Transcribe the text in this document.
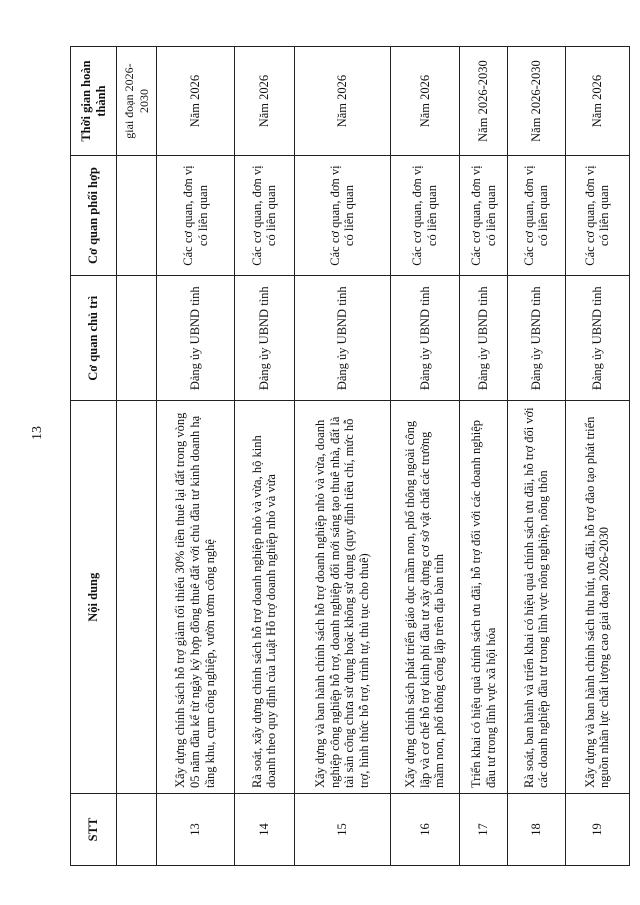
13
STT	Nội dung	Cơ quan chủ trì	Cơ quan phối hợp	Thời gian hoàn thành
				giai đoạn 2026-2030
13	Xây dựng chính sách hỗ trợ giảm tối thiểu 30% tiền thuê lại đất trong vòng 05 năm đầu kể từ ngày ký hợp đồng thuê đất với chủ đầu tư kinh doanh hạ tầng khu, cụm công nghiệp, vườn ươm công nghệ	Đảng ủy UBND tỉnh	Các cơ quan, đơn vị có liên quan	Năm 2026
14	Rà soát, xây dựng chính sách hỗ trợ doanh nghiệp nhỏ và vừa, hộ kinh doanh theo quy định của Luật Hỗ trợ doanh nghiệp nhỏ và vừa	Đảng ủy UBND tỉnh	Các cơ quan, đơn vị có liên quan	Năm 2026
15	Xây dựng và ban hành chính sách hỗ trợ doanh nghiệp nhỏ và vừa, doanh nghiệp công nghiệp hỗ trợ, doanh nghiệp đổi mới sáng tạo thuê nhà, đất là tài sản công chưa sử dụng hoặc không sử dụng (quy định tiêu chí, mức hỗ trợ, hình thức hỗ trợ, trình tự, thủ tục cho thuê)	Đảng ủy UBND tỉnh	Các cơ quan, đơn vị có liên quan	Năm 2026
16	Xây dựng chính sách phát triển giáo dục mầm non, phổ thông ngoài công lập và cơ chế hỗ trợ kinh phí đầu tư xây dựng cơ sở vật chất các trường mầm non, phổ thông công lập trên địa bàn tỉnh	Đảng ủy UBND tỉnh	Các cơ quan, đơn vị có liên quan	Năm 2026
17	Triển khai có hiệu quả chính sách ưu đãi, hỗ trợ đối với các doanh nghiệp đầu tư trong lĩnh vực xã hội hóa	Đảng ủy UBND tỉnh	Các cơ quan, đơn vị có liên quan	Năm 2026-2030
18	Rà soát, ban hành và triển khai có hiệu quả chính sách ưu đãi, hỗ trợ đối với các doanh nghiệp đầu tư trong lĩnh vực nông nghiệp, nông thôn	Đảng ủy UBND tỉnh	Các cơ quan, đơn vị có liên quan	Năm 2026-2030
19	Xây dựng và ban hành chính sách thu hút, ưu đãi, hỗ trợ đào tạo phát triển nguồn nhân lực chất lượng cao giai đoạn 2026-2030	Đảng ủy UBND tỉnh	Các cơ quan, đơn vị có liên quan	Năm 2026
